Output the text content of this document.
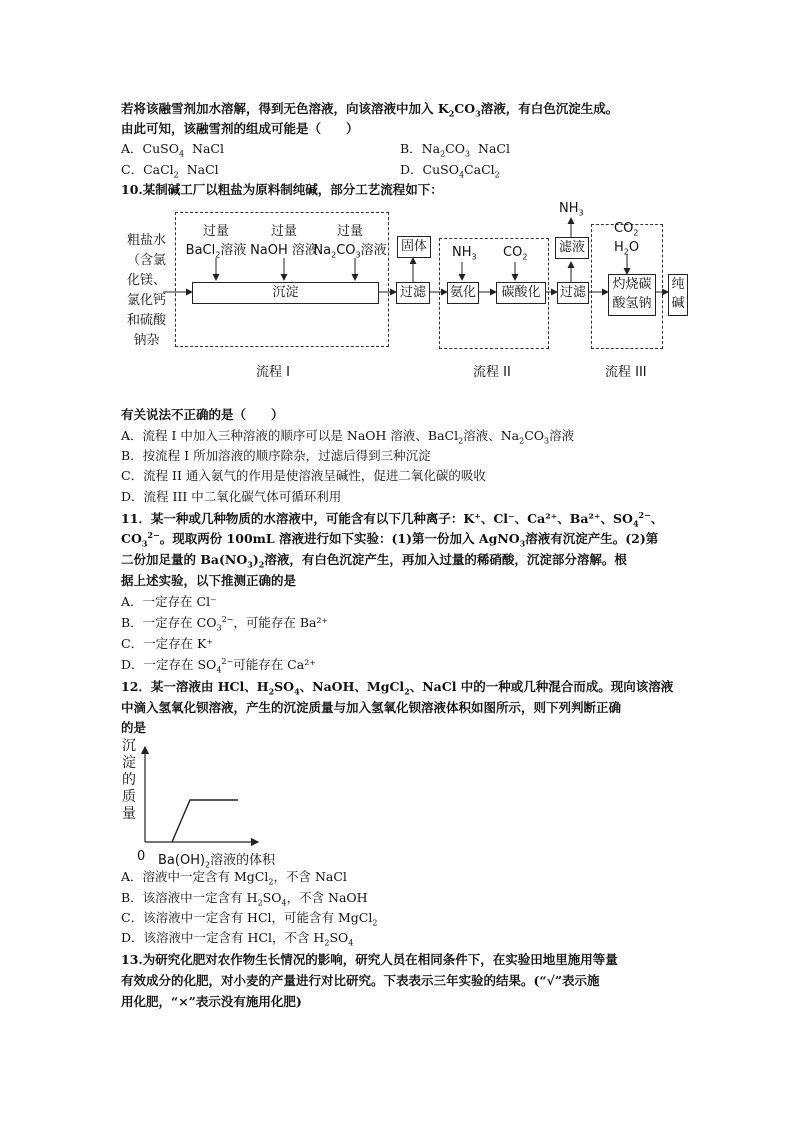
若将该融雪剂加水溶解，得到无色溶液，向该溶液中加入 $K_2CO_3$溶液，有白色沉淀生成。
由此可知，该融雪剂的组成可能是（　　）
A．CuSO$_4$ NaCl	B．$Na_2CO_3$ NaCl
C．CaCl$_2$ NaCl	D．CuSO$_4$CaCl$_2$
10.某制碱工厂以粗盐为原料制纯碱，部分工艺流程如下：
粗盐水
（含氯
化镁、
氯化钙
和硫酸
钠杂
过量
BaCl$_2$溶液
过量
NaOH 溶液
过量
$Na_2CO_3$溶液
沉淀
流程 I
过滤
固体	$NH_3$ $CO_2$
氨化	碳酸化
流程 II
过滤
滤液
$NH_3$
$CO_2$
$H_2O$
灼烧碳
酸氢钠
纯
碱
流程 III
有关说法不正确的是（　　）
A．流程 I 中加入三种溶液的顺序可以是 NaOH 溶液、BaCl$_2$溶液、$Na_2CO_3$溶液
B．按流程 I 所加溶液的顺序除杂，过滤后得到三种沉淀
C．流程 II 通入氨气的作用是使溶液呈碱性，促进二氧化碳的吸收
D．流程 III 中二氧化碳气体可循环利用
11．某一种或几种物质的水溶液中，可能含有以下几种离子：K⁺、Cl⁻、Ca²⁺、Ba²⁺、$SO_4^{2-}$、
$CO_3^{2-}$。现取两份 100mL 溶液进行如下实验：(1)第一份加入 AgNO$_3$溶液有沉淀产生。(2)第
二份加足量的 $Ba(NO_3)_2$溶液，有白色沉淀产生，再加入过量的稀硝酸，沉淀部分溶解。根
据上述实验，以下推测正确的是
A．一定存在 Cl⁻
B．一定存在 $CO_3^{2-}$，可能存在 Ba²⁺
C．一定存在 K⁺
D．一定存在 $SO_4^{2-}$可能存在 Ca²⁺
12．某一溶液由 HCl、$H_2SO_4$、NaOH、MgCl$_2$、NaCl 中的一种或几种混合而成。现向该溶液
中滴入氢氧化钡溶液，产生的沉淀质量与加入氢氧化钡溶液体积如图所示，则下列判断正确
的是
沉
淀
的
质
量
0 $Ba(OH)_2$溶液的体积
A．溶液中一定含有 MgCl$_2$，不含 NaCl
B．该溶液中一定含有 $H_2SO_4$，不含 NaOH
C．该溶液中一定含有 HCl，可能含有 MgCl$_2$
D．该溶液中一定含有 HCl，不含 $H_2SO_4$
13.为研究化肥对农作物生长情况的影响，研究人员在相同条件下，在实验田地里施用等量
有效成分的化肥，对小麦的产量进行对比研究。下表表示三年实验的结果。(“√”表示施
用化肥，“×”表示没有施用化肥)
